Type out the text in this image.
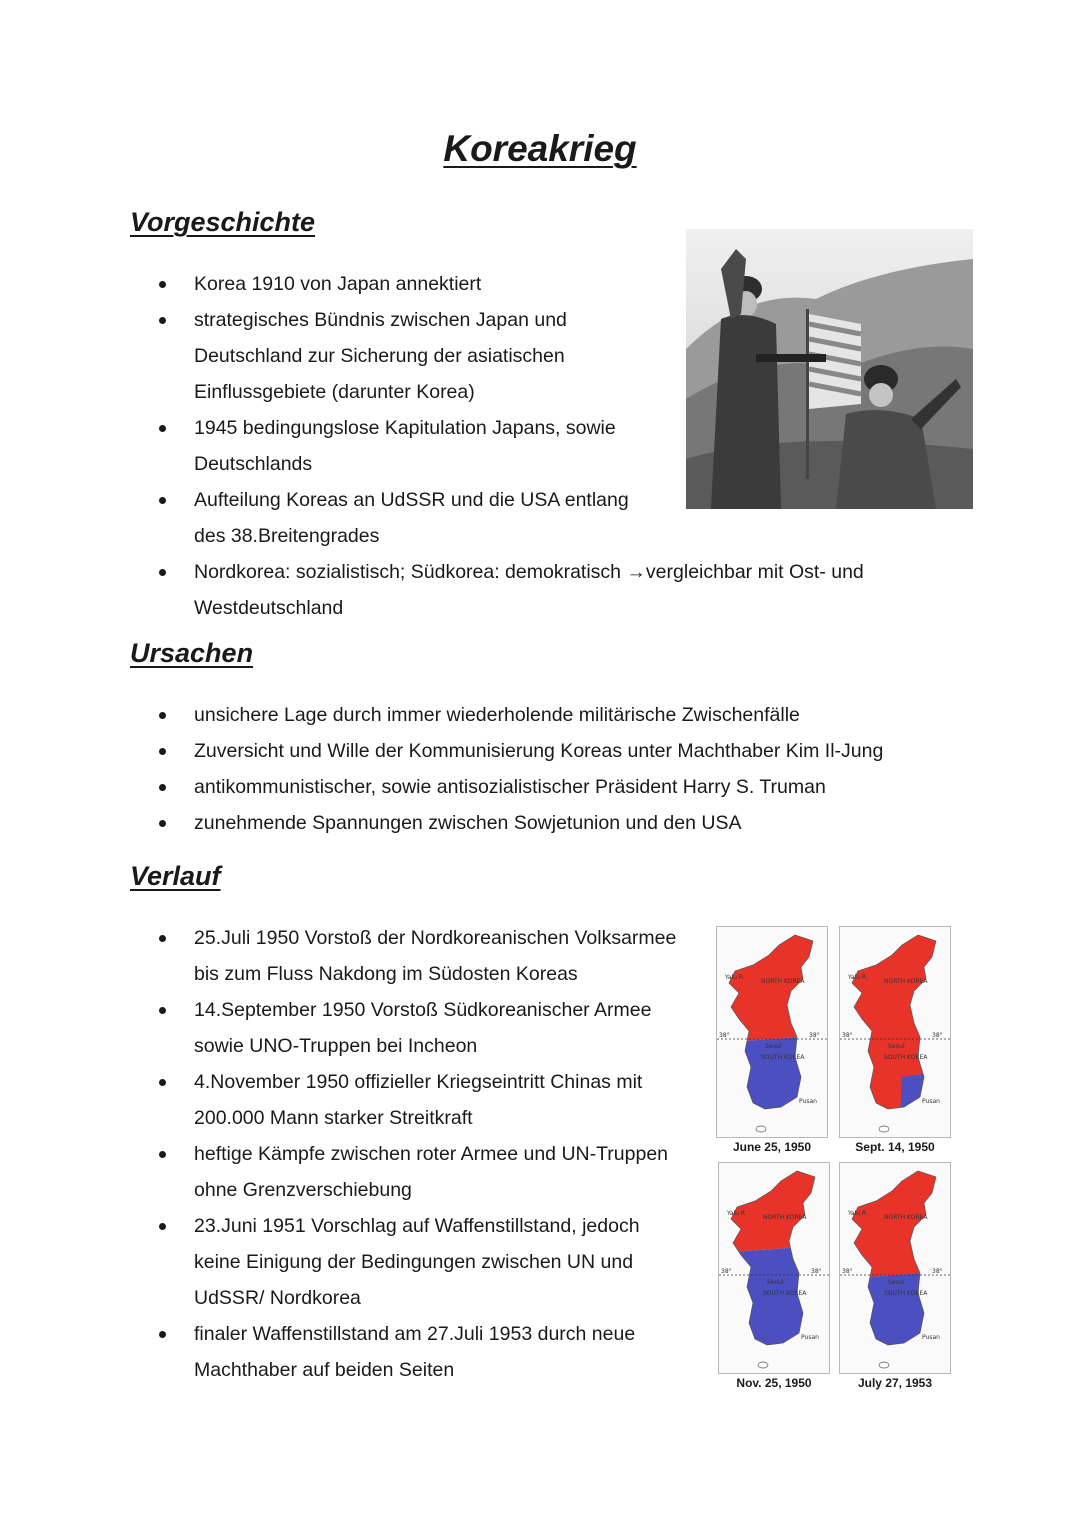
Koreakrieg
Vorgeschichte
Korea 1910 von Japan annektiert
strategisches Bündnis zwischen Japan und
Deutschland zur Sicherung der asiatischen
Einflussgebiete (darunter Korea)
1945 bedingungslose Kapitulation Japans, sowie
Deutschlands
Aufteilung Koreas an UdSSR und die USA entlang
des 38.Breitengrades
Nordkorea: sozialistisch; Südkorea: demokratisch →vergleichbar mit Ost- und
Westdeutschland
Ursachen
unsichere Lage durch immer wiederholende militärische Zwischenfälle
Zuversicht und Wille der Kommunisierung Koreas unter Machthaber Kim Il-Jung
antikommunistischer, sowie antisozialistischer Präsident Harry S. Truman
zunehmende Spannungen zwischen Sowjetunion und den USA
Verlauf
25.Juli 1950 Vorstoß der Nordkoreanischen Volksarmee
bis zum Fluss Nakdong im Südosten Koreas
14.September 1950 Vorstoß Südkoreanischer Armee
sowie UNO-Truppen bei Incheon
4.November 1950 offizieller Kriegseintritt Chinas mit
200.000 Mann starker Streitkraft
heftige Kämpfe zwischen roter Armee und UN-Truppen
ohne Grenzverschiebung
23.Juni 1951 Vorschlag auf Waffenstillstand, jedoch
keine Einigung der Bedingungen zwischen UN und
UdSSR/ Nordkorea
finaler Waffenstillstand am 27.Juli 1953 durch neue
Machthaber auf beiden Seiten
38°	38°
Yalu R.
NORTH KOREA
SOUTH KOREA
Seoul
Pusan
June 25, 1950
38°	38°
Yalu R.
NORTH KOREA
SOUTH KOREA
Seoul
Pusan
Sept. 14, 1950
38°	38°
Yalu R.
NORTH KOREA
SOUTH KOREA
Seoul
Pusan
Nov. 25, 1950
38°	38°
Yalu R.
NORTH KOREA
SOUTH KOREA
Seoul
Pusan
July 27, 1953
